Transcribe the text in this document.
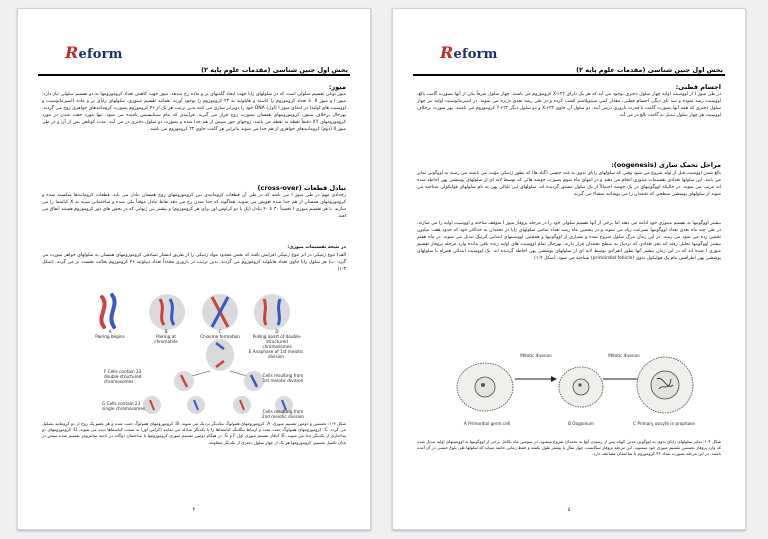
Reform
بخش اول جنین شناسی (مقدمات علوم پایه ۲)
میوز:

میوز نوعی تقسیم سلولی است که در سلولهای زایا جهت ایجاد گامتهای نر و ماده رخ میدهد. میوز جهت کاهش تعداد کروموزومها به دو تقسیم سلولی نیاز دارد: میوز I و میوز II. تا تعداد کروموزوم را کاسته و هاپلوئید به ۲۳ کروموزوم را بوجود آورند. همانند تقسیم میتوزی، سلولهای زایای نر و ماده (اسپرماتوسیت و اووسیت های اولیه) در ابتدای میوز I (اول) DNA خود را دوبرابر سازی می کنند بدین ترتیب هر یک از ۴۶ کروموزوم بصورت کروماتیدهای خواهری زوج می گردند. بهرحال برخلاف میتوز، کروموزومهای همسان بصورت زوج قرار می گیرند. فرآیندی که بنام سیناپسیس نامیده می شود. تنها مورد جفت شدن در مورد کروموزومهای XY دقیقاً نقطه به نقطه می باشد. زوجهای جور سپس از هم جدا شده و بصورت دو سلول دختری در می آیند. مدت کوتاهی پس از آن و در طی میوز II (دوم) کروماتیدهای خواهری از هم جدا می شوند بنابراین هر گامت حاوی ۲۳ کروموزوم می باشد.

تبادل قطعات (cross-over)

رخدادی مهم در طی میوز I می باشد که در طی آن قطعات کروماتیدی بین کروموزومهای زوج همسان تبادل می یابد. قطعات کروماتیدها شکسته شده و کروموزومهای همسان از هم جدا شده تعویض می شوند. هماگونه که جدا شدن رخ می دهد نقاط تبادل موقتاً یکی شده و ساختمانی شبیه به X کیاسما را می سازند. با هر تقسیم میوزی I تخمیناً ۳۰ تا ۴۰ تبادل (یک یا دو کراوس اور برای هر کروموزوم) و بیشتر بین ژنهایی که در بخش های دور کروموزوم هستند اتفاق می افتد.

در نتیجه تقسیمات میوزی:

الف) تنوع ژنتیکی در اثر تنوع ژنتیکی افزایش یافته که بخش محدود مواد ژنتیکی را از طریق انتشار تصادفی کروموزومهای همسان به سلولهای خواهر صورت می گیرد. ب) هر سلول زایا حاوی تعداد هاپلوئید کروموزوم می گردند. بدین ترتیب در باروری مجدداً تعداد دیپلوئید ۴۶ کروموزوم بحالت نخست بر می گردد. (شکل ۳-۱)

A
Pairing begins
B
Pairing at chromatids
C
Chiasma formation
D
Pulling apart of double-structured chromosomes
E Anaphase of 1st meiotic division
F Cells contain 23 double-structured chromosomes
Cells resulting from 1st meiotic division
G Cells contain 23 single chromosomes
Cells resulting from 2nd meiotic division

شکل ۳-۱: نخستین و دومین تقسیم میوزی. A: کروموزومهای همولوگ بیکدیگر نزدیک می شوند. B: کروموزومهای همولوگ جفت شده و هر عضو یک زوج از دو کروماتید تشکیل می گردد. C: کروموزومهای همولوگ جفت شده و ارتباط تنگاتنگ کیاسماها را با یکدیگر مبادله می نمایند (کراس اور) به سمت کیاسماها دیده می شوند. D: کروموزومهای دو ساختاری از یکدیگر جدا می شوند. E: آنافاز تقسیم میوزی اول F و G: در هنگام دومین تقسیم میوزی کروموزومها با ساختمان دوگانه در ناحیه سانترومر تقسیم شده سپس در پایان تکمیل تقسیم، کروموزومها هر یک از چهار سلول دختری از یکدیگر متفاوتند.

۴
Reform
بخش اول جنین شناسی (مقدمات علوم پایه ۲)
اجسام قطبی:

در طی میوز I از اووسیت اولیه چهار سلول دختری بوجود می آید که هر یک دارای ۲۲+X کروموزوم می باشند. چهار سلول صرفاً یکی از آنها بصورت گامت بالغ، اووسیت رشد نموده و سه تای دیگر، اجسام قطبی، مقدار کمی سیتوپلاسم کسب کرده و در طی رشد بعدی دژنره می شوند. در اسپرماتوسیت اولیه نیز چهار سلول دختری که همه آنها بصورت گامت با قدرت باروری درمی آیند. دو سلول آن حاوی ۲۲+X و دو سلول دیگر ۲۲+Y کروموزوم می باشند. بهر صورت برخلاف اووسیت هر چهار سلول تبدیل به گامت بالغ در می آید.

مراحل تخمک سازی (oogenesis):

بالغ شدن اووسیت قبل از تولد شروع می شود وقتی که سلولهای زایای بدوی به غدد جنسی (گناد ها) که بطور ژنتیکی مؤنث می باشند می رسند به اووگونی تمایز می یابند. این سلولها تعدادی تقسیمات میتوزی انجام می دهند و در انتهای ماه سوم بصورت خوشه هائی که توسط لایه ای از سلولهای پوششی پهن احاطه شده اند مرتب می شوند. در حالیکه اووگونیهای در یک خوشه احتمالاً از یک سلول مشتق گردیده اند. سلولهای اپی تلیالی پهن به نام سلولهای فولیکولی شناخته می شوند از سلولهای پوششی سطحی که تخمدان را می پوشانند منشاء می گیرند.

بیشتر اووگونیها به تقسیم میتوزی خود ادامه می دهند اما برخی از آنها تقسیم سلولی خود را در مرحله پروفاز میوز I متوقف ساخته و اووسیت اولیه را می سازند. در طی چند ماه بعدی تعداد اووگونیها بسرعت زیاد می شوند و در پنجمین ماه رشد تعداد تمامی سلولهای زایا در تخمدان به حداکثر خود که حدود هفت میلیون تخمین زده می شود می رسد. در این زمان مرگ سلول شروع شده و بسیاری از اووگونیها و همچنین اووسیتهای ابتدایی آترتیک تبدیل می شوند. در ماه هفتم بیشتر اووگونیها تحلیل رفته اند بجز تعدادی که نزدیک به سطح تخمدان قرار دارند. بهرحال تمام اووسیت های اولیه زنده باقی مانده وارد مرحله پروفاز تقسیم میوزی I شده اند که در این زمان بیشتر آنها بطور انفرادی توسط لایه ای از سلولهای پوششی پهن احاطه گردیده اند. یک اووسیت ابتدائی همراه با سلولهای پوششی پهن اطرافش بنام یک فولیکول بدوی (primordial follicle) شناخته می شود. (شکل ۴-۱)

Mitotic division	Mitotic division
A Primordial germ cell	B Oogonium	C Primary oocyte in prophase

شکل ۴-۱: تمایز سلولهای زایای بدوی به اووگونی مدتی کوتاه پس از رسیدن آنها به تخمدان شروع میشود. در سومین ماه تکامل برخی از اووگونیها به اووسیتهای اولیه تبدیل شده که وارد پروفاز نخستین تقسیم میوزی خود میشوند. این مرحله پروفاز سکانست چهل سال یا بیشتر طول بکشد و فقط زمانی خاتمه مییابد که سلولها طی بلوغ جنسی در آن آمده باشند. در این مرحله بصورت تعداد ۴۶ کروموزوم با ساختمان مضاعف دارد.

۵
